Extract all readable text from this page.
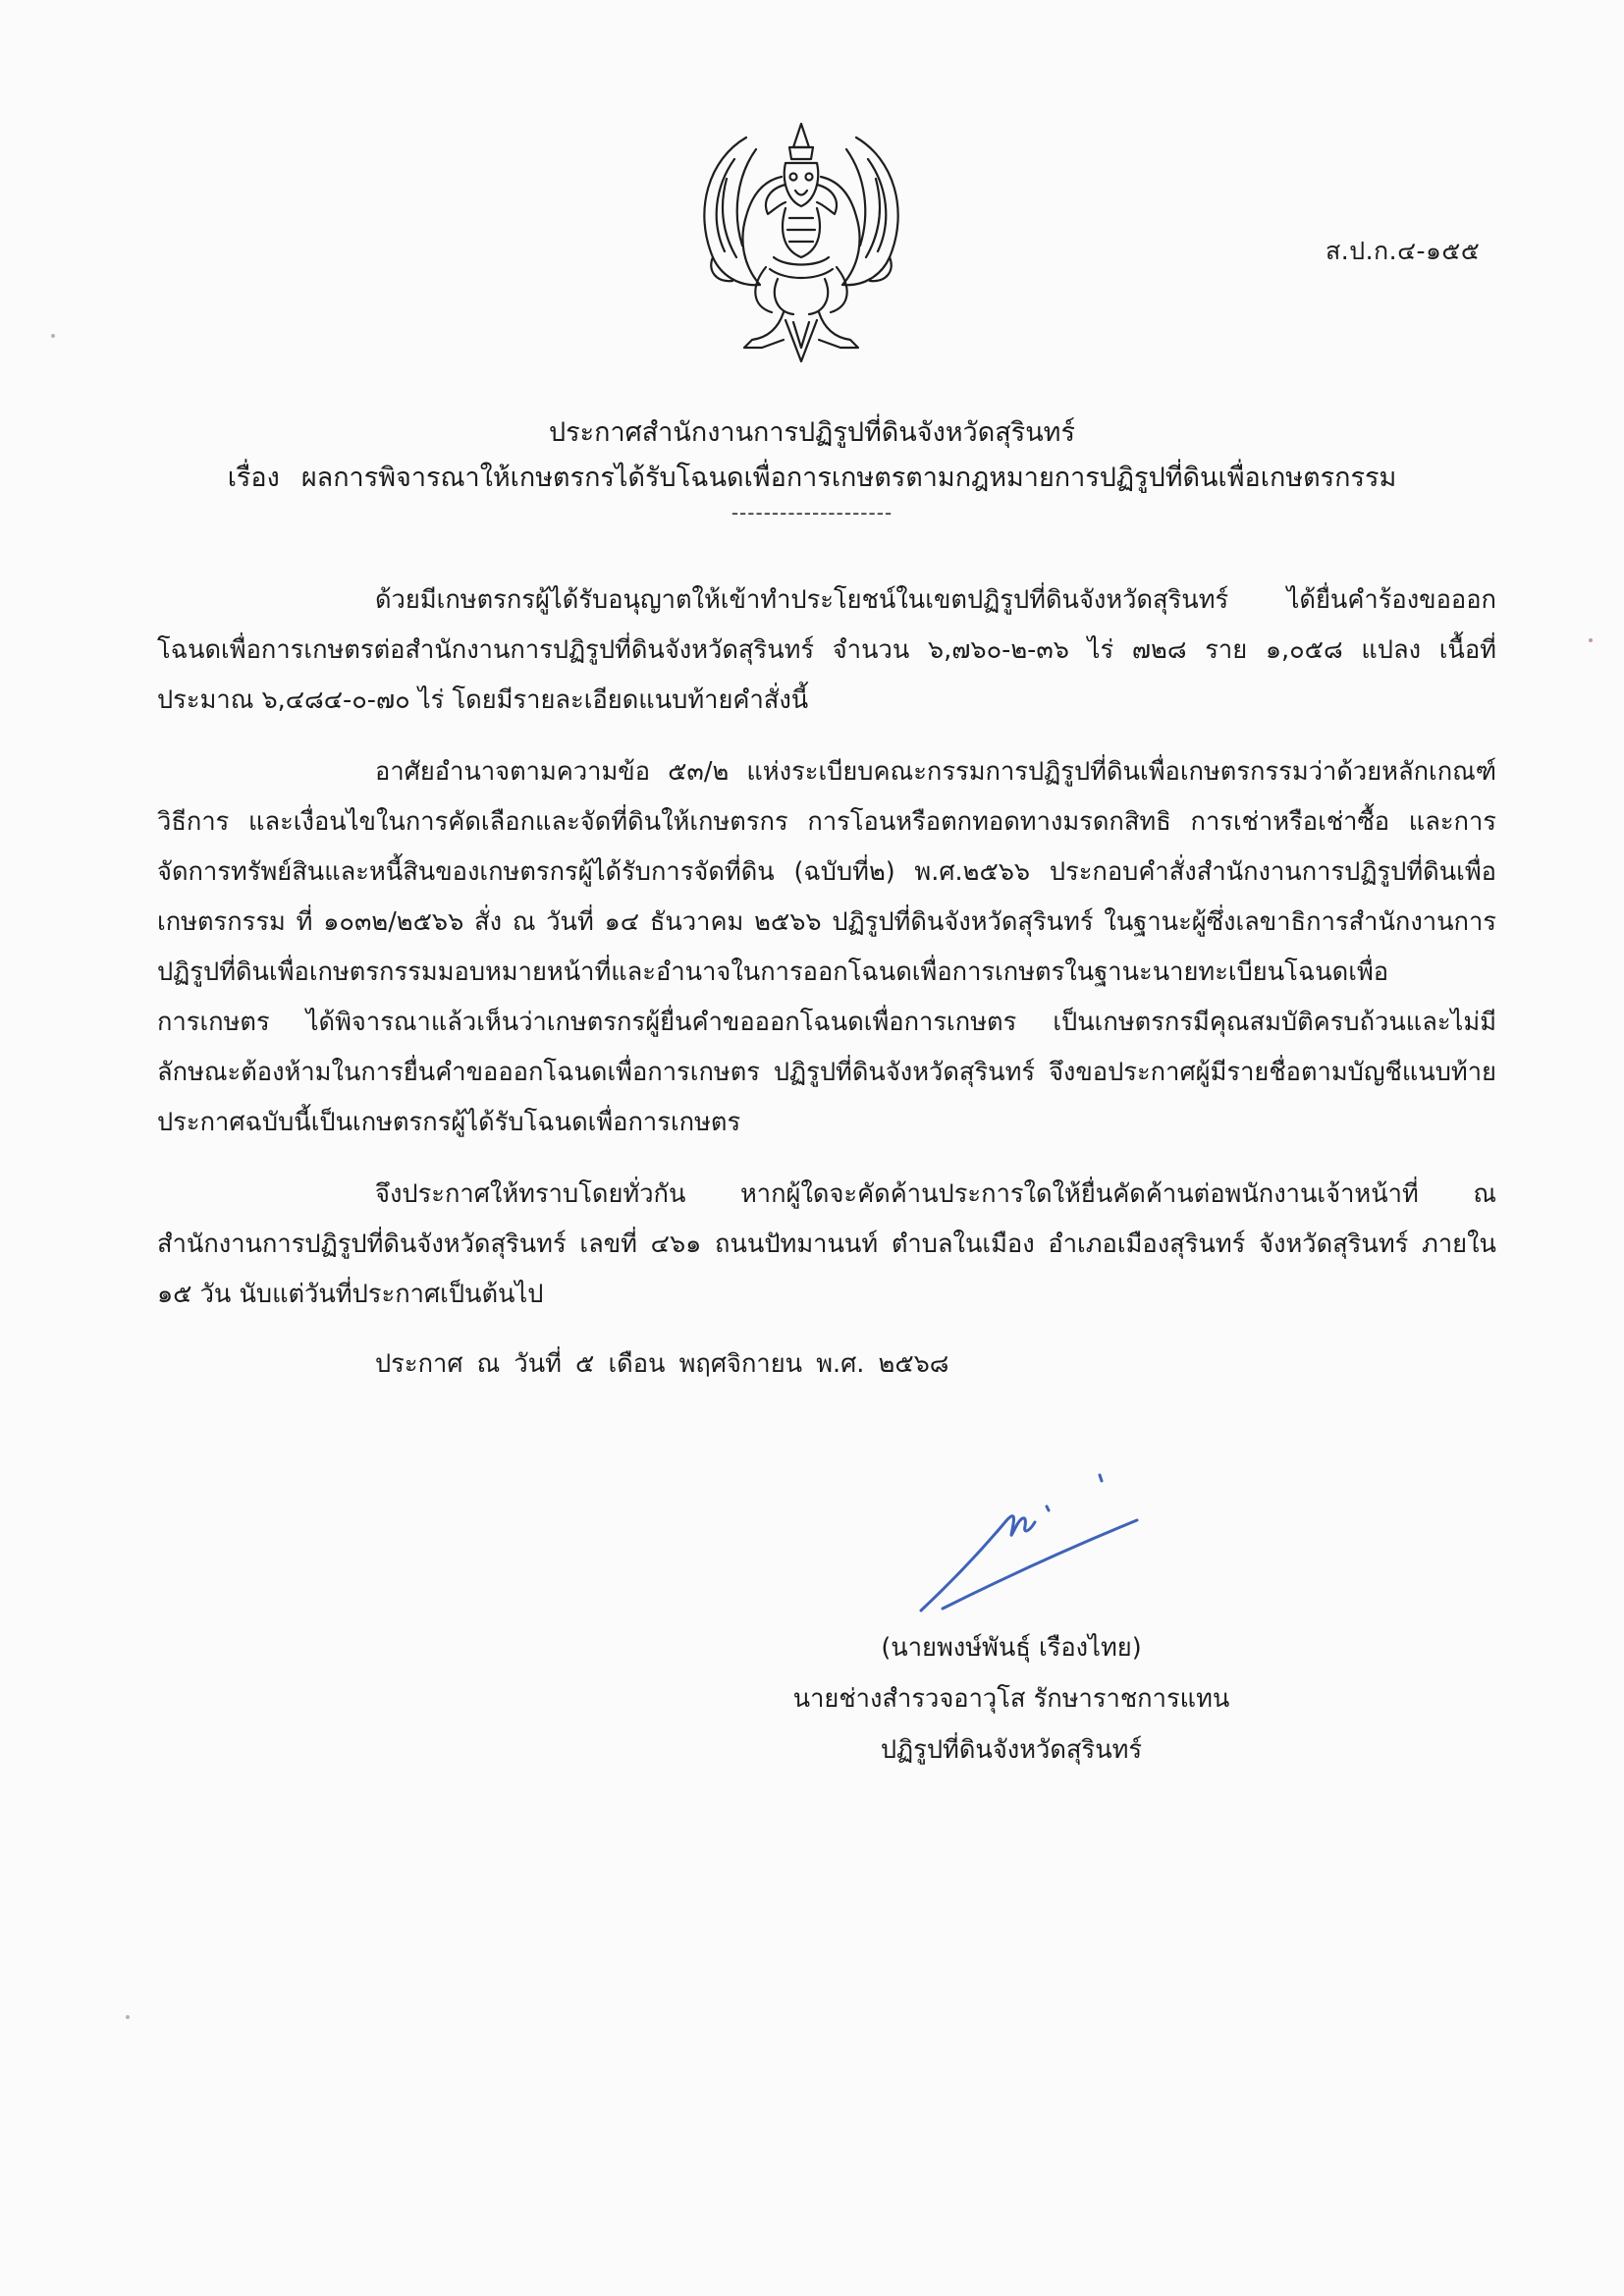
ส.ป.ก.๔-๑๕๕
ประกาศสำนักงานการปฏิรูปที่ดินจังหวัดสุรินทร์
เรื่อง ผลการพิจารณาให้เกษตรกรได้รับโฉนดเพื่อการเกษตรตามกฎหมายการปฏิรูปที่ดินเพื่อเกษตรกรรม
--------------------

ด้วยมีเกษตรกรผู้ได้รับอนุญาตให้เข้าทำประโยชน์ในเขตปฏิรูปที่ดินจังหวัดสุรินทร์ ได้ยื่นคำร้องขอออกโฉนดเพื่อการเกษตรต่อสำนักงานการปฏิรูปที่ดินจังหวัดสุรินทร์ จำนวน ๖,๗๖๐-๒-๓๖ ไร่ ๗๒๘ ราย ๑,๐๕๘ แปลง เนื้อที่ประมาณ ๖,๔๘๔-๐-๗๐ ไร่ โดยมีรายละเอียดแนบท้ายคำสั่งนี้

อาศัยอำนาจตามความข้อ ๕๓/๒ แห่งระเบียบคณะกรรมการปฏิรูปที่ดินเพื่อเกษตรกรรมว่าด้วยหลักเกณฑ์ วิธีการ และเงื่อนไขในการคัดเลือกและจัดที่ดินให้เกษตรกร การโอนหรือตกทอดทางมรดกสิทธิ การเช่าหรือเช่าซื้อ และการจัดการทรัพย์สินและหนี้สินของเกษตรกรผู้ได้รับการจัดที่ดิน (ฉบับที่๒) พ.ศ.๒๕๖๖ ประกอบคำสั่งสำนักงานการปฏิรูปที่ดินเพื่อเกษตรกรรม ที่ ๑๐๓๒/๒๕๖๖ สั่ง ณ วันที่ ๑๔ ธันวาคม ๒๕๖๖ ปฏิรูปที่ดินจังหวัดสุรินทร์ ในฐานะผู้ซึ่งเลขาธิการสำนักงานการปฏิรูปที่ดินเพื่อเกษตรกรรมมอบหมายหน้าที่และอำนาจในการออกโฉนดเพื่อการเกษตรในฐานะนายทะเบียนโฉนดเพื่อการเกษตร ได้พิจารณาแล้วเห็นว่าเกษตรกรผู้ยื่นคำขอออกโฉนดเพื่อการเกษตร เป็นเกษตรกรมีคุณสมบัติครบถ้วนและไม่มีลักษณะต้องห้ามในการยื่นคำขอออกโฉนดเพื่อการเกษตร ปฏิรูปที่ดินจังหวัดสุรินทร์ จึงขอประกาศผู้มีรายชื่อตามบัญชีแนบท้ายประกาศฉบับนี้เป็นเกษตรกรผู้ได้รับโฉนดเพื่อการเกษตร

จึงประกาศให้ทราบโดยทั่วกัน หากผู้ใดจะคัดค้านประการใดให้ยื่นคัดค้านต่อพนักงานเจ้าหน้าที่ ณ สำนักงานการปฏิรูปที่ดินจังหวัดสุรินทร์ เลขที่ ๔๖๑ ถนนปัทมานนท์ ตำบลในเมือง อำเภอเมืองสุรินทร์ จังหวัดสุรินทร์ ภายใน ๑๕ วัน นับแต่วันที่ประกาศเป็นต้นไป

ประกาศ ณ วันที่ ๕ เดือน พฤศจิกายน พ.ศ. ๒๕๖๘
(นายพงษ์พันธุ์ เรืองไทย)
นายช่างสำรวจอาวุโส รักษาราชการแทน
ปฏิรูปที่ดินจังหวัดสุรินทร์
